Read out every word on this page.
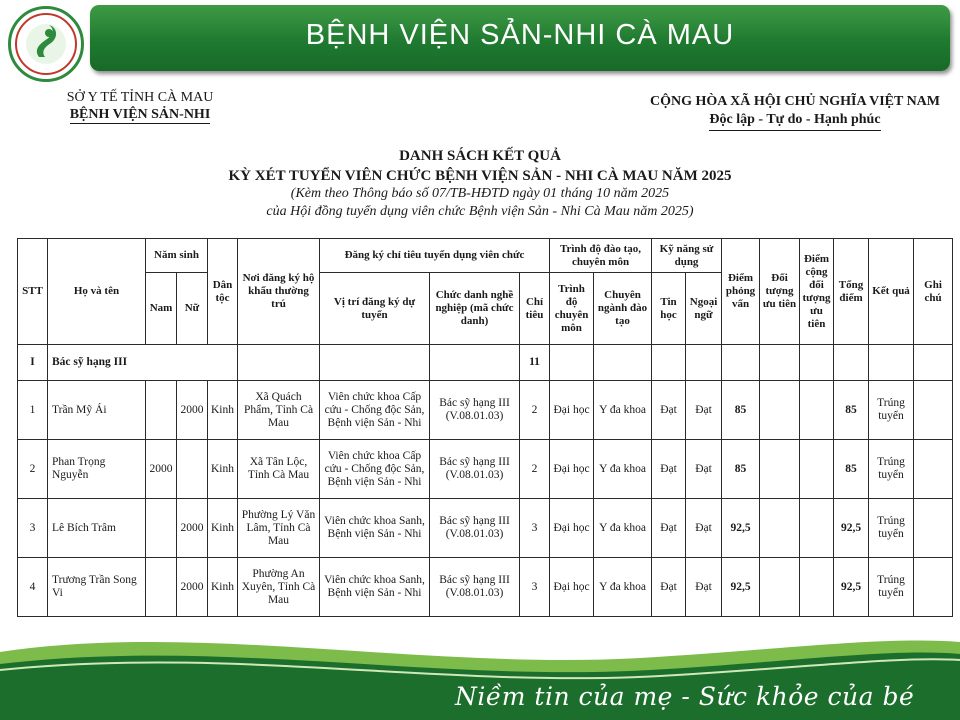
BỆNH VIỆN SẢN-NHI CÀ MAU
SỞ Y TẾ TỈNH CÀ MAU
BỆNH VIỆN SẢN-NHI
CỘNG HÒA XÃ HỘI CHỦ NGHĨA VIỆT NAM
Độc lập - Tự do - Hạnh phúc
DANH SÁCH KẾT QUẢ
KỲ XÉT TUYỂN VIÊN CHỨC BỆNH VIỆN SẢN - NHI CÀ MAU NĂM 2025
(Kèm theo Thông báo số 07/TB-HĐTD ngày 01 tháng 10 năm 2025
của Hội đồng tuyển dụng viên chức Bệnh viện Sản - Nhi Cà Mau năm 2025)
STT	Họ và tên	Năm sinh		Dân tộc	Nơi đăng ký hộ khẩu thường trú	Đăng ký chỉ tiêu tuyển dụng viên chức			Trình độ đào tạo, chuyên môn		Kỹ năng sử dụng		Điểm phỏng vấn	Đối tượng ưu tiên	Điểm cộng đối tượng ưu tiên	Tổng điểm	Kết quả	Ghi chú
		Nam	Nữ			Vị trí đăng ký dự tuyển	Chức danh nghề nghiệp (mã chức danh)	Chỉ tiêu	Trình độ chuyên môn	Chuyên ngành đào tạo	Tin học	Ngoại ngữ						
I	Bác sỹ hạng III							11										
1	Trần Mỹ Ái		2000	Kinh	Xã Quách Phẩm, Tỉnh Cà Mau	Viên chức khoa Cấp cứu - Chống độc Sản, Bệnh viện Sản - Nhi	Bác sỹ hạng III (V.08.01.03)	2	Đại học	Y đa khoa	Đạt	Đạt	85			85	Trúng tuyển	
2	Phan Trọng Nguyễn	2000		Kinh	Xã Tân Lộc, Tỉnh Cà Mau	Viên chức khoa Cấp cứu - Chống độc Sản, Bệnh viện Sản - Nhi	Bác sỹ hạng III (V.08.01.03)	2	Đại học	Y đa khoa	Đạt	Đạt	85			85	Trúng tuyển	
3	Lê Bích Trâm		2000	Kinh	Phường Lý Văn Lâm, Tỉnh Cà Mau	Viên chức khoa Sanh, Bệnh viện Sản - Nhi	Bác sỹ hạng III (V.08.01.03)	3	Đại học	Y đa khoa	Đạt	Đạt	92,5			92,5	Trúng tuyển	
4	Trương Trần Song Vi		2000	Kinh	Phường An Xuyên, Tỉnh Cà Mau	Viên chức khoa Sanh, Bệnh viện Sản - Nhi	Bác sỹ hạng III (V.08.01.03)	3	Đại học	Y đa khoa	Đạt	Đạt	92,5			92,5	Trúng tuyển	
Niềm tin của mẹ - Sức khỏe của bé
